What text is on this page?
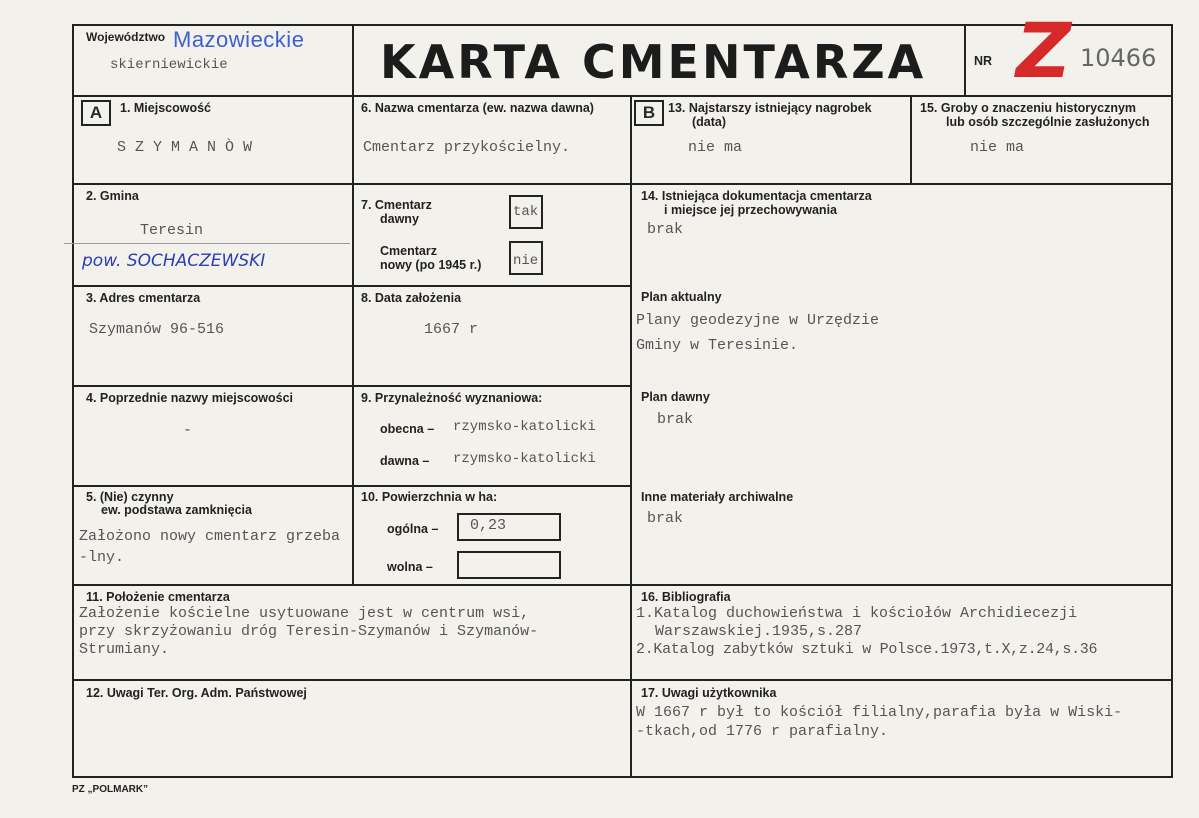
Województwo Mazowieckie
skierniewickie	KARTA CMENTARZA	NR Z 10466
A	B
1. Miejscowość
S Z Y M A N Ò W
2. Gmina
Teresin
pow. SOCHACZEWSKI
3. Adres cmentarza
Szymanów 96-516
4. Poprzednie nazwy miejscowości
-
5. (Nie) czynny
ew. podstawa zamknięcia
Założono nowy cmentarz grzeba
-lny.
6. Nazwa cmentarza (ew. nazwa dawna)
Cmentarz przykościelny.
7. Cmentarz
dawny	tak
Cmentarz
nowy (po 1945 r.) nie
8. Data założenia
1667 r
9. Przynależność wyznaniowa:
obecna – rzymsko-katolicki
dawna – rzymsko-katolicki
10. Powierzchnia w ha:
ogólna – 0,23
wolna –
11. Położenie cmentarza
Założenie kościelne usytuowane jest w centrum wsi,
przy skrzyżowaniu dróg Teresin-Szymanów i Szymanów-
Strumiany.
12. Uwagi Ter. Org. Adm. Państwowej
13. Najstarszy istniejący nagrobek
(data)
nie ma
14. Istniejąca dokumentacja cmentarza
i miejsce jej przechowywania
brak
Plan aktualny
Plany geodezyjne w Urzędzie
Gminy w Teresinie.
Plan dawny
brak
Inne materiały archiwalne
brak
15. Groby o znaczeniu historycznym
lub osób szczególnie zasłużonych
nie ma
16. Bibliografia
1.Katalog duchowieństwa i kościołów Archidiecezji
Warszawskiej.1935,s.287
2.Katalog zabytków sztuki w Polsce.1973,t.X,z.24,s.36
17. Uwagi użytkownika
W 1667 r był to kościół filialny,parafia była w Wiski-
-tkach,od 1776 r parafialny.
PZ „POLMARK”
